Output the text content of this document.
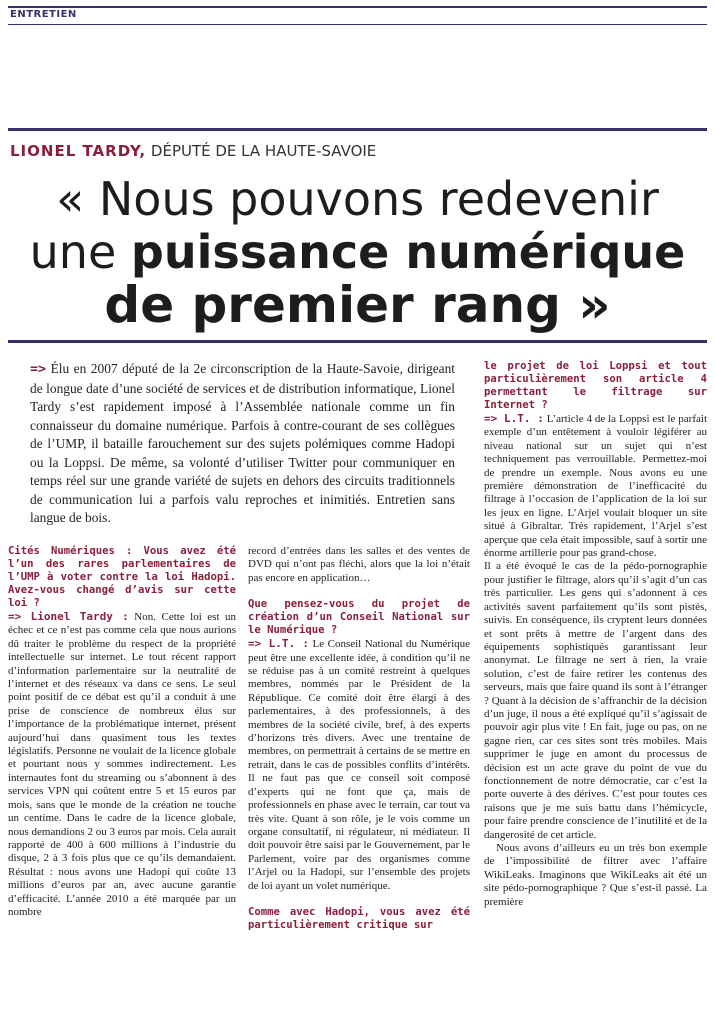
ENTRETIEN
LIONEL TARDY, DÉPUTÉ DE LA HAUTE-SAVOIE
« Nous pouvons redevenir
une puissance numérique
de premier rang »

=> Élu en 2007 député de la 2e circonscription de la Haute-Savoie, dirigeant de longue date d’une société de services et de distribution informatique, Lionel Tardy s’est rapidement imposé à l’Assemblée nationale comme un fin connaisseur du domaine numérique. Parfois à contre-courant de ses collègues de l’UMP, il bataille farouchement sur des sujets polémiques comme Hadopi ou la Loppsi. De même, sa volonté d’utiliser Twitter pour communiquer en temps réel sur une grande variété de sujets en dehors des circuits traditionnels de communication lui a parfois valu reproches et inimitiés. Entretien sans langue de bois.

Cités Numériques : Vous avez été l’un des rares parlementaires de l’UMP à voter contre la loi Hadopi. Avez-vous changé d’avis sur cette loi ?

=> Lionel Tardy : Non. Cette loi est un échec et ce n’est pas comme cela que nous aurions dû traiter le problème du respect de la propriété intellectuelle sur internet. Le tout récent rapport d’information parlementaire sur la neutralité de l’internet et des réseaux va dans ce sens. Le seul point positif de ce débat est qu’il a conduit à une prise de conscience de nombreux élus sur l’importance de la problématique internet, présent aujourd’hui dans quasiment tous les textes législatifs. Personne ne voulait de la licence globale et pourtant nous y sommes indirectement. Les internautes font du streaming ou s’abonnent à des services VPN qui coûtent entre 5 et 15 euros par mois, sans que le monde de la création ne touche un centime. Dans le cadre de la licence globale, nous demandions 2 ou 3 euros par mois. Cela aurait rapporté de 400 à 600 millions à l’industrie du disque, 2 à 3 fois plus que ce qu’ils demandaient. Résultat : nous avons une Hadopi qui coûte 13 millions d’euros par an, avec aucune garantie d’efficacité. L’année 2010 a été marquée par un nombre

record d’entrées dans les salles et des ventes de DVD qui n’ont pas fléchi, alors que la loi n’était pas encore en application…

Que pensez-vous du projet de création d’un Conseil National sur le Numérique ?

=> L.T. : Le Conseil National du Numérique peut être une excellente idée, à condition qu’il ne se réduise pas à un comité restreint à quelques membres, nommés par le Président de la République. Ce comité doit être élargi à des parlementaires, à des professionnels, à des membres de la société civile, bref, à des experts d’horizons très divers. Avec une trentaine de membres, on permettrait à certains de se mettre en retrait, dans le cas de possibles conflits d’intérêts. Il ne faut pas que ce conseil soit composé d’experts qui ne font que ça, mais de professionnels en phase avec le terrain, car tout va très vite. Quant à son rôle, je le vois comme un organe consultatif, ni régulateur, ni médiateur. Il doit pouvoir être saisi par le Gouvernement, par le Parlement, voire par des organismes comme l’Arjel ou la Hadopi, sur l’ensemble des projets de loi ayant un volet numérique.

Comme avec Hadopi, vous avez été particulièrement critique sur

le projet de loi Loppsi et tout particulièrement son article 4 permettant le filtrage sur Internet ?

=> L.T. : L’article 4 de la Loppsi est le parfait exemple d’un entêtement à vouloir légiférer au niveau national sur un sujet qui n’est techniquement pas verrouillable. Permettez-moi de prendre un exemple. Nous avons eu une première démonstration de l’inefficacité du filtrage à l’occasion de l’application de la loi sur les jeux en ligne. L’Arjel voulait bloquer un site situé à Gibraltar. Très rapidement, l’Arjel s’est aperçue que cela était impossible, sauf à sortir une énorme artillerie pour pas grand-chose.

Il a été évoqué le cas de la pédo-pornographie pour justifier le filtrage, alors qu’il s’agit d’un cas très particulier. Les gens qui s’adonnent à ces activités savent parfaitement qu’ils sont pistés, suivis. En conséquence, ils cryptent leurs données et sont prêts à mettre de l’argent dans des équipements sophistiqués garantissant leur anonymat. Le filtrage ne sert à rien, la vraie solution, c’est de faire retirer les contenus des serveurs, mais que faire quand ils sont à l’étranger ? Quant à la décision de s’affranchir de la décision d’un juge, il nous a été expliqué qu’il s’agissait de pouvoir agir plus vite ! En fait, juge ou pas, on ne gagne rien, car ces sites sont très mobiles. Mais supprimer le juge en amont du processus de décision est un acte grave du point de vue du fonctionnement de notre démocratie, car c’est la porte ouverte à des dérives. C’est pour toutes ces raisons que je me suis battu dans l’hémicycle, pour faire prendre conscience de l’inutilité et de la dangerosité de cet article.

Nous avons d’ailleurs eu un très bon exemple de l’impossibilité de filtrer avec l’affaire WikiLeaks. Imaginons que WikiLeaks ait été un site pédo-pornographique ? Que s’est-il passé. La première
